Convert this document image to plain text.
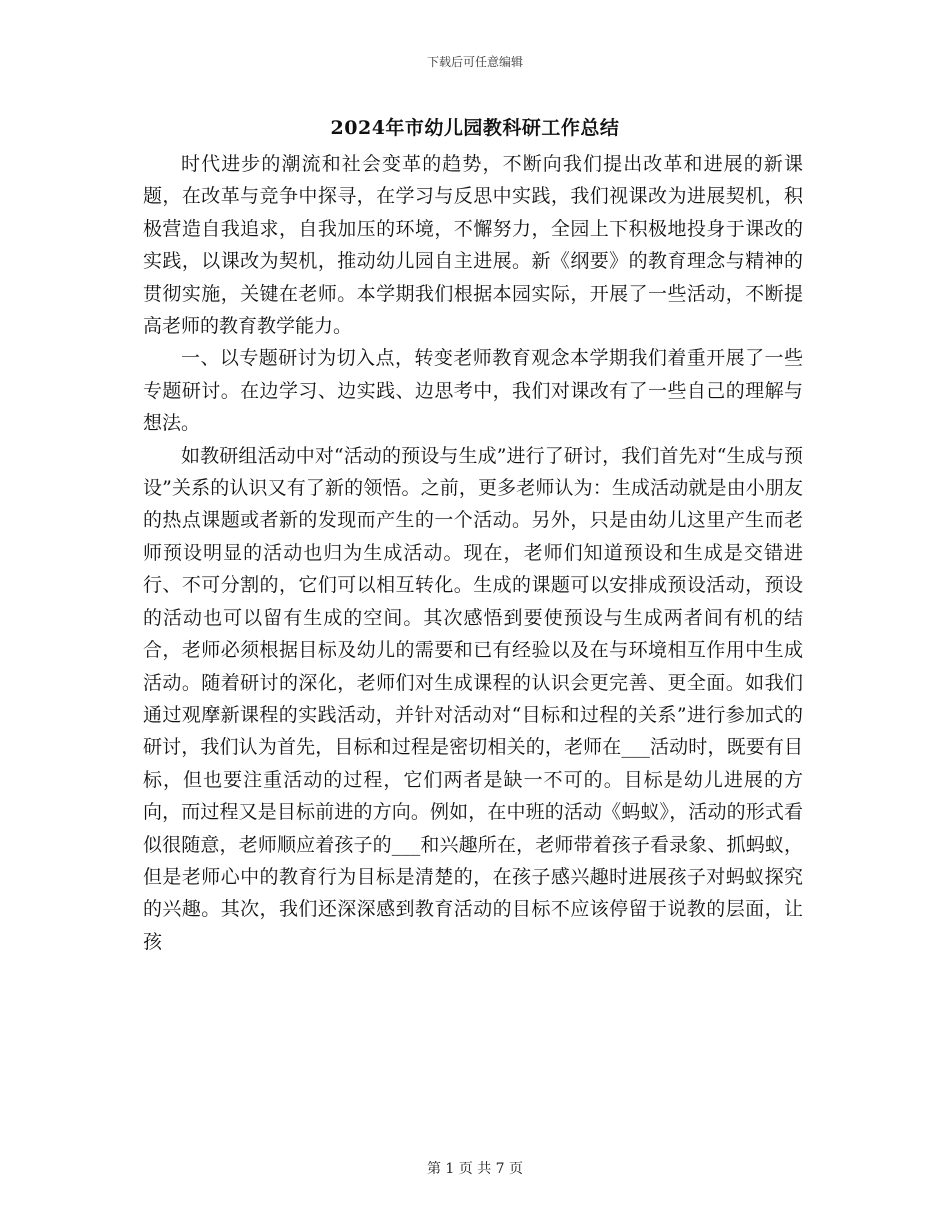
下载后可任意编辑
2024年市幼儿园教科研工作总结

时代进步的潮流和社会变革的趋势，不断向我们提出改革和进展的新课题，在改革与竞争中探寻，在学习与反思中实践，我们视课改为进展契机，积极营造自我追求，自我加压的环境，不懈努力，全园上下积极地投身于课改的实践，以课改为契机，推动幼儿园自主进展。新《纲要》的教育理念与精神的贯彻实施，关键在老师。本学期我们根据本园实际，开展了一些活动，不断提高老师的教育教学能力。

一、以专题研讨为切入点，转变老师教育观念本学期我们着重开展了一些专题研讨。在边学习、边实践、边思考中，我们对课改有了一些自己的理解与想法。

如教研组活动中对“活动的预设与生成”进行了研讨，我们首先对“生成与预设”关系的认识又有了新的领悟。之前，更多老师认为：生成活动就是由小朋友的热点课题或者新的发现而产生的一个活动。另外，只是由幼儿这里产生而老师预设明显的活动也归为生成活动。现在，老师们知道预设和生成是交错进行、不可分割的，它们可以相互转化。生成的课题可以安排成预设活动，预设的活动也可以留有生成的空间。其次感悟到要使预设与生成两者间有机的结合，老师必须根据目标及幼儿的需要和已有经验以及在与环境相互作用中生成活动。随着研讨的深化，老师们对生成课程的认识会更完善、更全面。如我们通过观摩新课程的实践活动，并针对活动对“目标和过程的关系”进行参加式的研讨，我们认为首先，目标和过程是密切相关的，老师在___活动时，既要有目标，但也要注重活动的过程，它们两者是缺一不可的。目标是幼儿进展的方向，而过程又是目标前进的方向。例如，在中班的活动《蚂蚁》，活动的形式看似很随意，老师顺应着孩子的___和兴趣所在，老师带着孩子看录象、抓蚂蚁，但是老师心中的教育行为目标是清楚的，在孩子感兴趣时进展孩子对蚂蚁探究的兴趣。其次，我们还深深感到教育活动的目标不应该停留于说教的层面，让孩

第 1 页 共 7 页
